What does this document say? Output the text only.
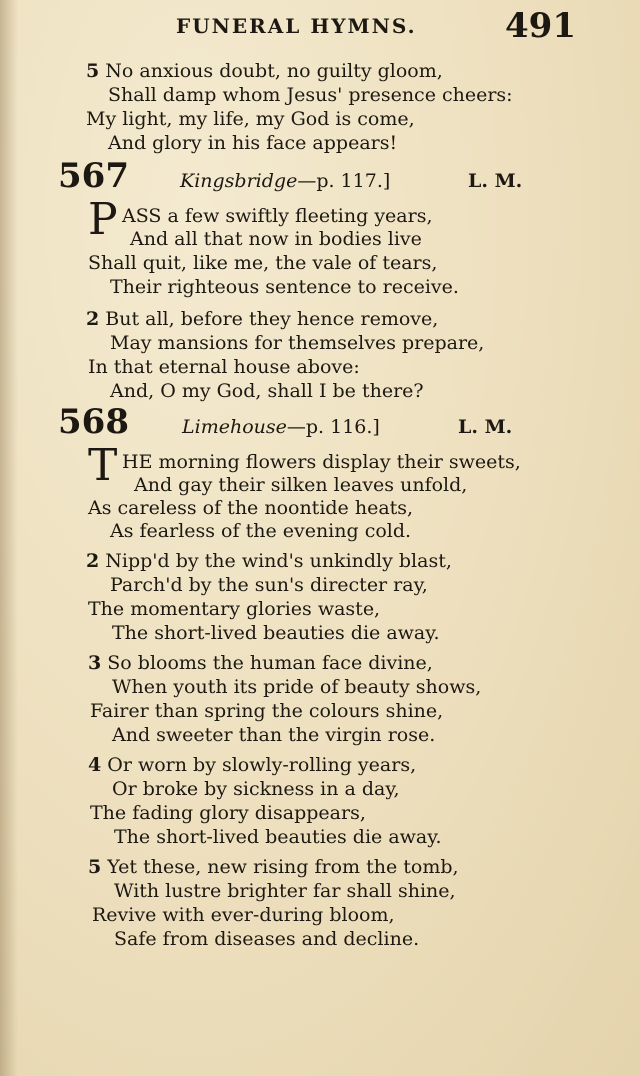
FUNERAL HYMNS.	491
5 No anxious doubt, no guilty gloom,
Shall damp whom Jesus' presence cheers:
My light, my life, my God is come,
And glory in his face appears!
567	Kingsbridge—p. 117.]	L. M.
P ASS a few swiftly fleeting years,
And all that now in bodies live
Shall quit, like me, the vale of tears,
Their righteous sentence to receive.
2 But all, before they hence remove,
May mansions for themselves prepare,
In that eternal house above:
And, O my God, shall I be there?
568	Limehouse—p. 116.]	L. M.
T HE morning flowers display their sweets,
And gay their silken leaves unfold,
As careless of the noontide heats,
As fearless of the evening cold.
2 Nipp'd by the wind's unkindly blast,
Parch'd by the sun's directer ray,
The momentary glories waste,
The short-lived beauties die away.
3 So blooms the human face divine,
When youth its pride of beauty shows,
Fairer than spring the colours shine,
And sweeter than the virgin rose.
4 Or worn by slowly-rolling years,
Or broke by sickness in a day,
The fading glory disappears,
The short-lived beauties die away.
5 Yet these, new rising from the tomb,
With lustre brighter far shall shine,
Revive with ever-during bloom,
Safe from diseases and decline.
